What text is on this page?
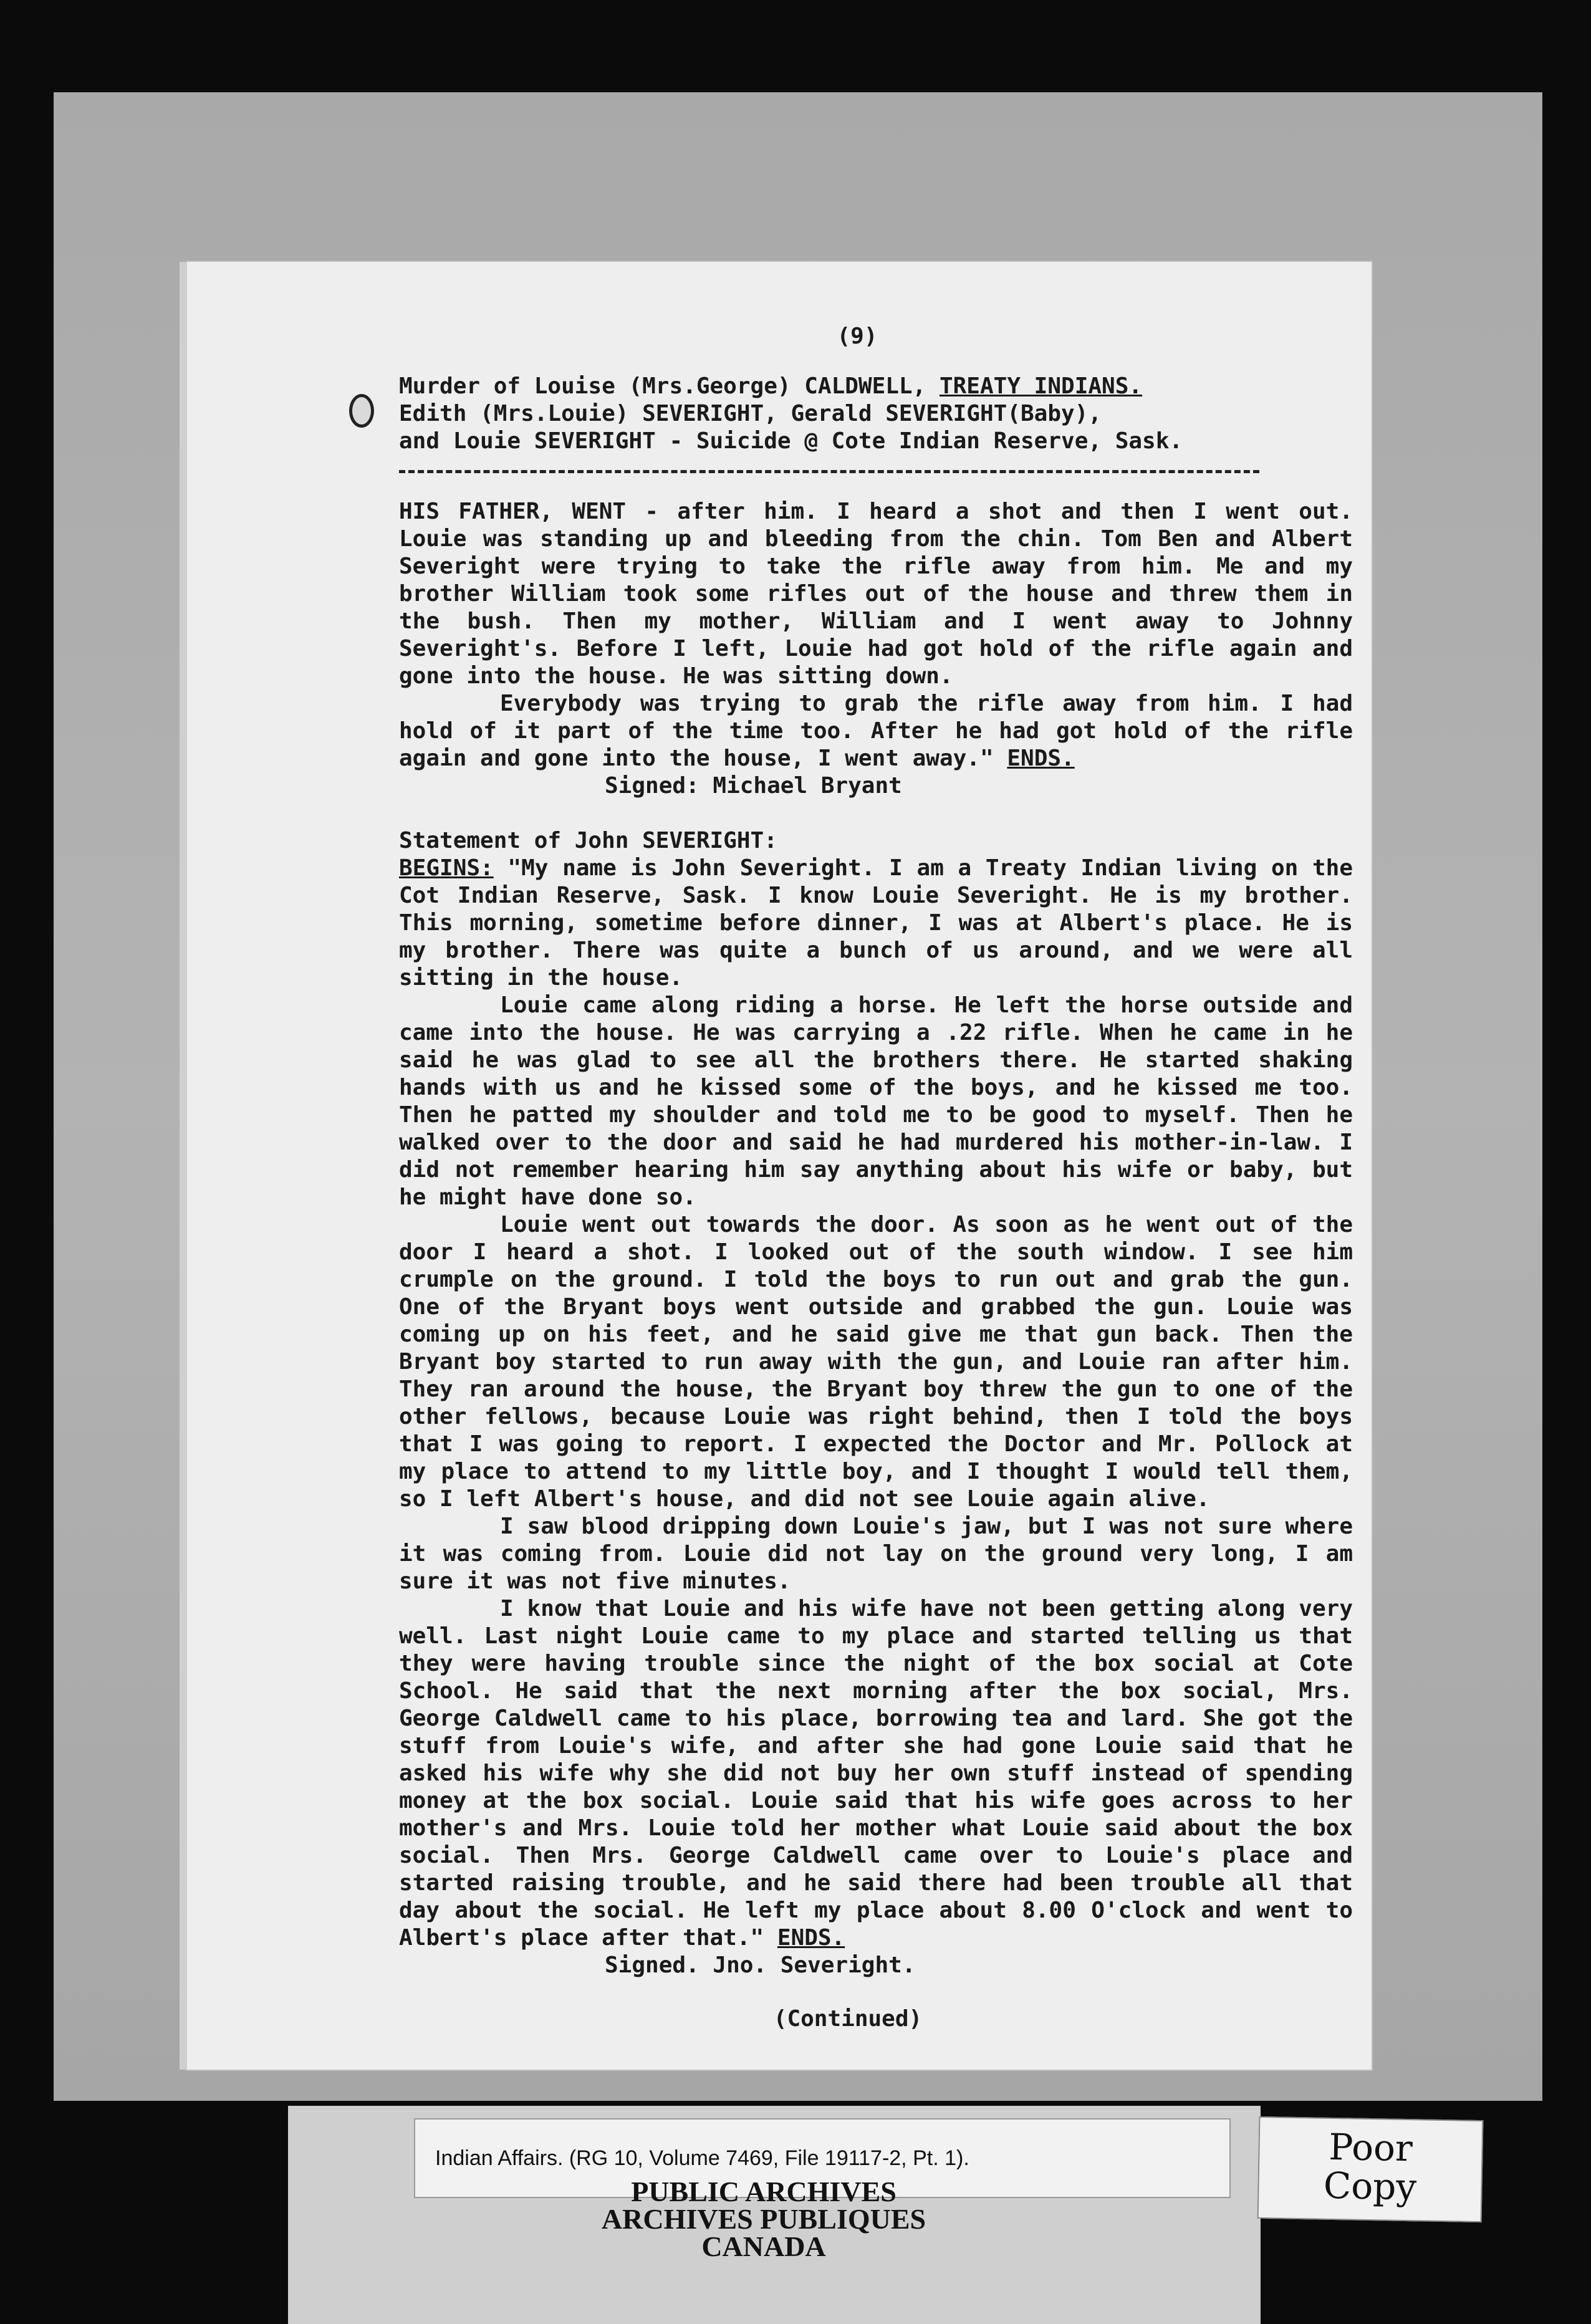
(9)
Murder of Louise (Mrs.George) CALDWELL, TREATY INDIANS.
Edith (Mrs.Louie) SEVERIGHT, Gerald SEVERIGHT(Baby),
and Louie SEVERIGHT - Suicide @ Cote Indian Reserve, Sask.

HIS FATHER, WENT - after him. I heard a shot and then I went out. Louie was standing up and bleeding from the chin. Tom Ben and Albert Severight were trying to take the rifle away from him. Me and my brother William took some rifles out of the house and threw them in the bush. Then my mother, William and I went away to Johnny Severight's. Before I left, Louie had got hold of the rifle again and gone into the house. He was sitting down.

Everybody was trying to grab the rifle away from him. I had hold of it part of the time too. After he had got hold of the rifle again and gone into the house, I went away." ENDS.

Signed: Michael Bryant

Statement of John SEVERIGHT:

BEGINS: "My name is John Severight. I am a Treaty Indian living on the Cot Indian Reserve, Sask. I know Louie Severight. He is my brother. This morning, sometime before dinner, I was at Albert's place. He is my brother. There was quite a bunch of us around, and we were all sitting in the house.

Louie came along riding a horse. He left the horse outside and came into the house. He was carrying a .22 rifle. When he came in he said he was glad to see all the brothers there. He started shaking hands with us and he kissed some of the boys, and he kissed me too. Then he patted my shoulder and told me to be good to myself. Then he walked over to the door and said he had murdered his mother-in-law. I did not remember hearing him say anything about his wife or baby, but he might have done so.

Louie went out towards the door. As soon as he went out of the door I heard a shot. I looked out of the south window. I see him crumple on the ground. I told the boys to run out and grab the gun. One of the Bryant boys went outside and grabbed the gun. Louie was coming up on his feet, and he said give me that gun back. Then the Bryant boy started to run away with the gun, and Louie ran after him. They ran around the house, the Bryant boy threw the gun to one of the other fellows, because Louie was right behind, then I told the boys that I was going to report. I expected the Doctor and Mr. Pollock at my place to attend to my little boy, and I thought I would tell them, so I left Albert's house, and did not see Louie again alive.

I saw blood dripping down Louie's jaw, but I was not sure where it was coming from. Louie did not lay on the ground very long, I am sure it was not five minutes.

I know that Louie and his wife have not been getting along very well. Last night Louie came to my place and started telling us that they were having trouble since the night of the box social at Cote School. He said that the next morning after the box social, Mrs. George Caldwell came to his place, borrowing tea and lard. She got the stuff from Louie's wife, and after she had gone Louie said that he asked his wife why she did not buy her own stuff instead of spending money at the box social. Louie said that his wife goes across to her mother's and Mrs. Louie told her mother what Louie said about the box social. Then Mrs. George Caldwell came over to Louie's place and started raising trouble, and he said there had been trouble all that day about the social. He left my place about 8.00 O'clock and went to Albert's place after that." ENDS.

Signed. Jno. Severight.
(Continued)
Indian Affairs. (RG 10, Volume 7469, File 19117-2, Pt. 1).
PUBLIC ARCHIVES
ARCHIVES PUBLIQUES
CANADA
Poor
Copy
